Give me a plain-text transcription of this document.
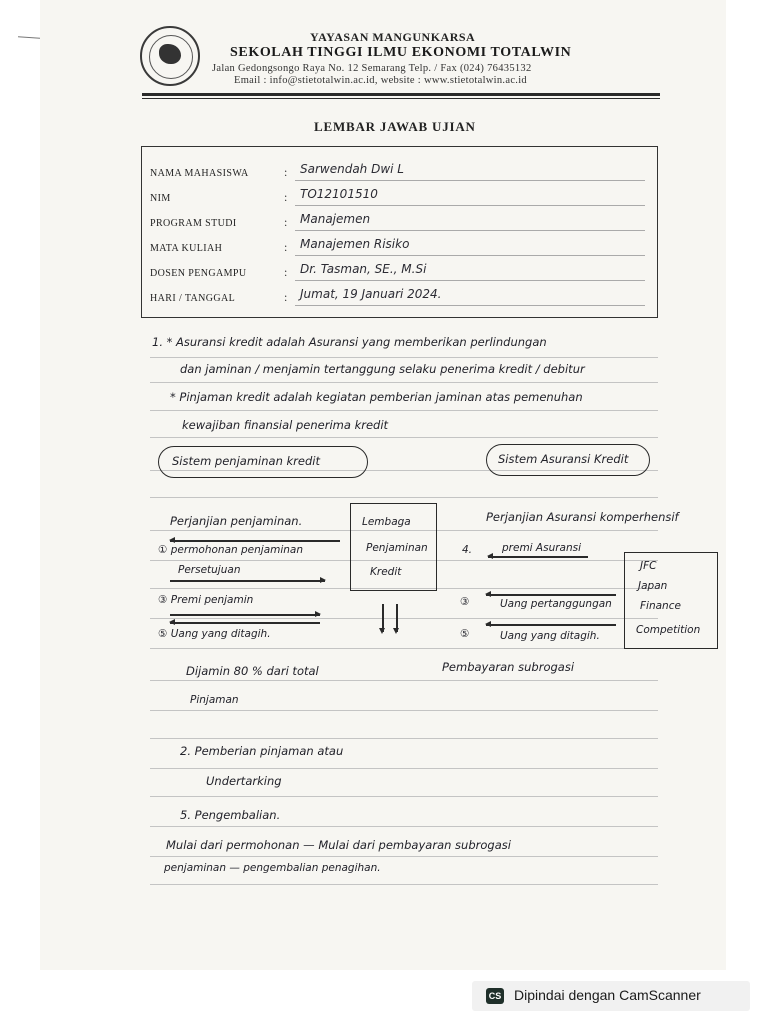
YAYASAN MANGUNKARSA
SEKOLAH TINGGI ILMU EKONOMI TOTALWIN
Jalan Gedongsongo Raya No. 12 Semarang Telp. / Fax (024) 76435132
Email : info@stietotalwin.ac.id, website : www.stietotalwin.ac.id
LEMBAR JAWAB UJIAN
NAMA MAHASISWA	: Sarwendah Dwi L
NIM	: TO12101510
PROGRAM STUDI	: Manajemen
MATA KULIAH	: Manajemen Risiko
DOSEN PENGAMPU	: Dr. Tasman, SE., M.Si
HARI / TANGGAL	: Jumat, 19 Januari 2024.
1. * Asuransi kredit adalah Asuransi yang memberikan perlindungan
dan jaminan / menjamin tertanggung selaku penerima kredit / debitur
* Pinjaman kredit adalah kegiatan pemberian jaminan atas pemenuhan
kewajiban finansial penerima kredit
Sistem penjaminan kredit	Sistem Asuransi Kredit
Perjanjian penjaminan.	Perjanjian Asuransi komperhensif
Lembaga
Penjaminan
Kredit
① permohonan penjaminan
Persetujuan
③ Premi penjamin
⑤ Uang yang ditagih.
4.	premi Asuransi
③	Uang pertanggungan
⑤	Uang yang ditagih.
JFC
Japan
Finance
Competition
Dijamin 80 % dari total
Pinjaman
Pembayaran subrogasi
2. Pemberian pinjaman atau
Undertarking
5. Pengembalian.
Mulai dari permohonan — Mulai dari pembayaran subrogasi
penjaminan — pengembalian penagihan.
CS Dipindai dengan CamScanner
